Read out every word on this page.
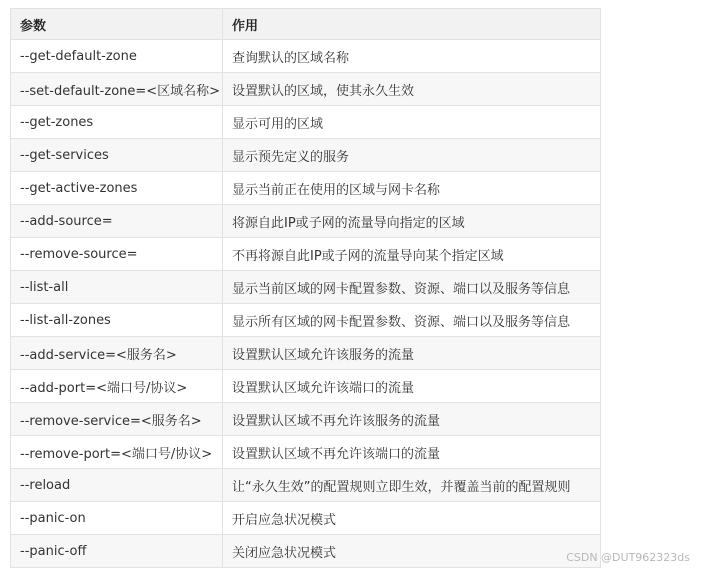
参数	作用
--get-default-zone	查询默认的区域名称
--set-default-zone=<区域名称>	设置默认的区域，使其永久生效
--get-zones	显示可用的区域
--get-services	显示预先定义的服务
--get-active-zones	显示当前正在使用的区域与网卡名称
--add-source=	将源自此IP或子网的流量导向指定的区域
--remove-source=	不再将源自此IP或子网的流量导向某个指定区域
--list-all	显示当前区域的网卡配置参数、资源、端口以及服务等信息
--list-all-zones	显示所有区域的网卡配置参数、资源、端口以及服务等信息
--add-service=<服务名>	设置默认区域允许该服务的流量
--add-port=<端口号/协议>	设置默认区域允许该端口的流量
--remove-service=<服务名>	设置默认区域不再允许该服务的流量
--remove-port=<端口号/协议>	设置默认区域不再允许该端口的流量
--reload	让“永久生效”的配置规则立即生效，并覆盖当前的配置规则
--panic-on	开启应急状况模式
--panic-off	关闭应急状况模式	CSDN @DUT962323ds
